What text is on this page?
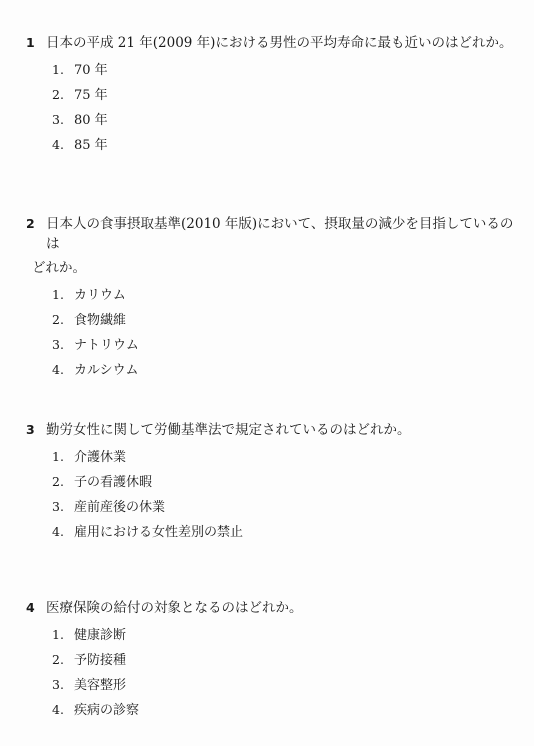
1 日本の平成 21 年(2009 年)における男性の平均寿命に最も近いのはどれか。
1. 70 年
2. 75 年
3. 80 年
4. 85 年
2 日本人の食事摂取基準(2010 年版)において、摂取量の減少を目指しているのは
どれか。
1. カリウム
2. 食物繊維
3. ナトリウム
4. カルシウム
3 勤労女性に関して労働基準法で規定されているのはどれか。
1. 介護休業
2. 子の看護休暇
3. 産前産後の休業
4. 雇用における女性差別の禁止
4 医療保険の給付の対象となるのはどれか。
1. 健康診断
2. 予防接種
3. 美容整形
4. 疾病の診察
